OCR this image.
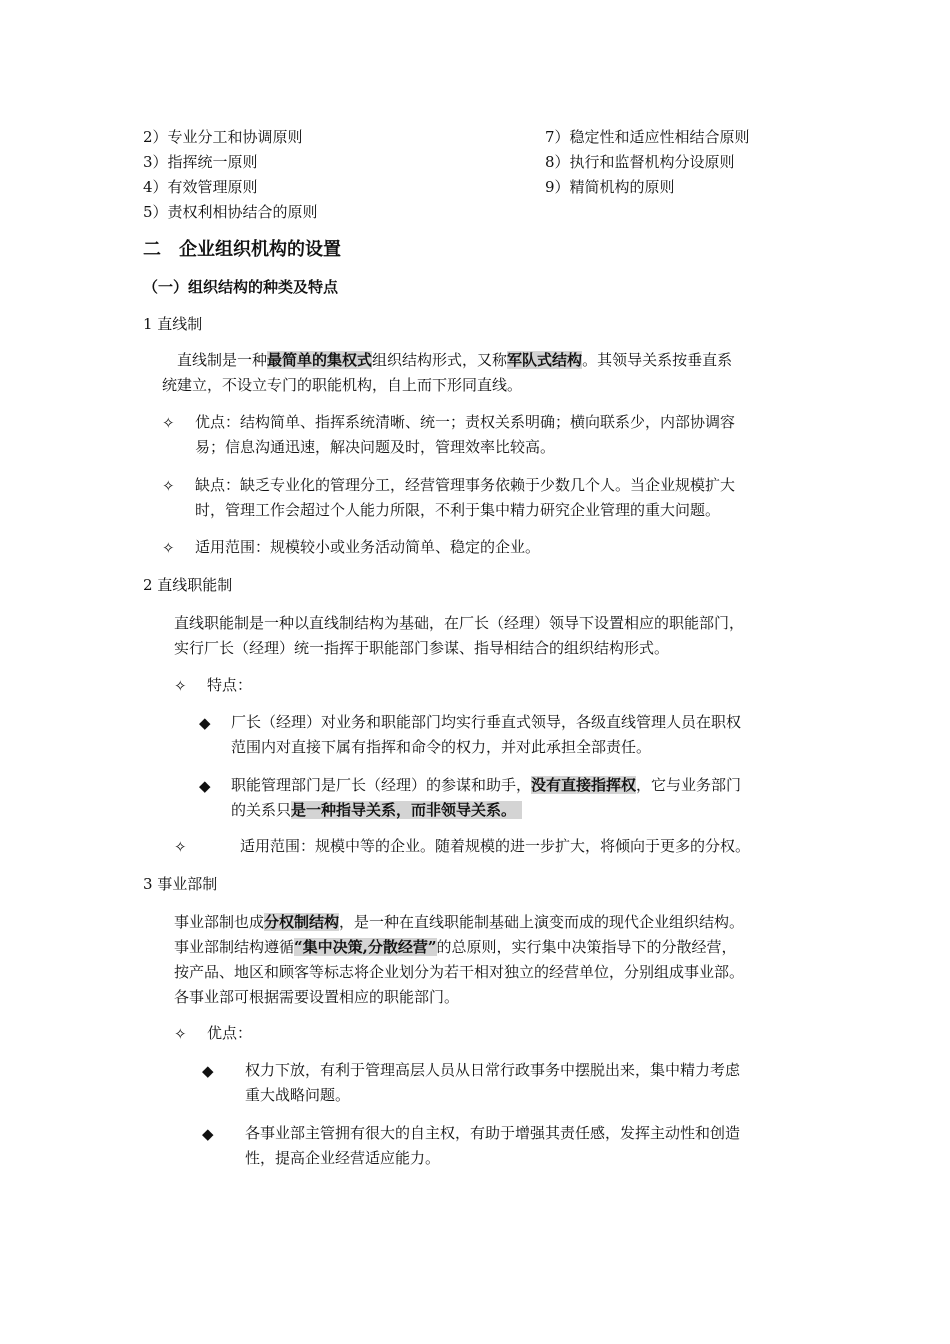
2）专业分工和协调原则
3）指挥统一原则
4）有效管理原则
5）责权利相协结合的原则
7）稳定性和适应性相结合原则
8）执行和监督机构分设原则
9）精简机构的原则
二　企业组织机构的设置
（一）组织结构的种类及特点
1 直线制
直线制是一种最简单的集权式组织结构形式，又称军队式结构。其领导关系按垂直系
统建立，不设立专门的职能机构，自上而下形同直线。
✧ 优点：结构简单、指挥系统清晰、统一；责权关系明确；横向联系少，内部协调容
易；信息沟通迅速，解决问题及时，管理效率比较高。
✧ 缺点：缺乏专业化的管理分工，经营管理事务依赖于少数几个人。当企业规模扩大
时，管理工作会超过个人能力所限，不利于集中精力研究企业管理的重大问题。
✧ 适用范围：规模较小或业务活动简单、稳定的企业。
2 直线职能制
直线职能制是一种以直线制结构为基础，在厂长（经理）领导下设置相应的职能部门，
实行厂长（经理）统一指挥于职能部门参谋、指导相结合的组织结构形式。
✧ 特点：
◆ 厂长（经理）对业务和职能部门均实行垂直式领导，各级直线管理人员在职权
范围内对直接下属有指挥和命令的权力，并对此承担全部责任。
◆ 职能管理部门是厂长（经理）的参谋和助手，没有直接指挥权，它与业务部门
的关系只是一种指导关系，而非领导关系。
✧	适用范围：规模中等的企业。随着规模的进一步扩大，将倾向于更多的分权。
3 事业部制
事业部制也成分权制结构，是一种在直线职能制基础上演变而成的现代企业组织结构。
事业部制结构遵循“集中决策,分散经营”的总原则，实行集中决策指导下的分散经营，
按产品、地区和顾客等标志将企业划分为若干相对独立的经营单位，分别组成事业部。
各事业部可根据需要设置相应的职能部门。
✧ 优点：
◆ 权力下放，有利于管理高层人员从日常行政事务中摆脱出来，集中精力考虑
重大战略问题。
◆ 各事业部主管拥有很大的自主权，有助于增强其责任感，发挥主动性和创造
性，提高企业经营适应能力。
